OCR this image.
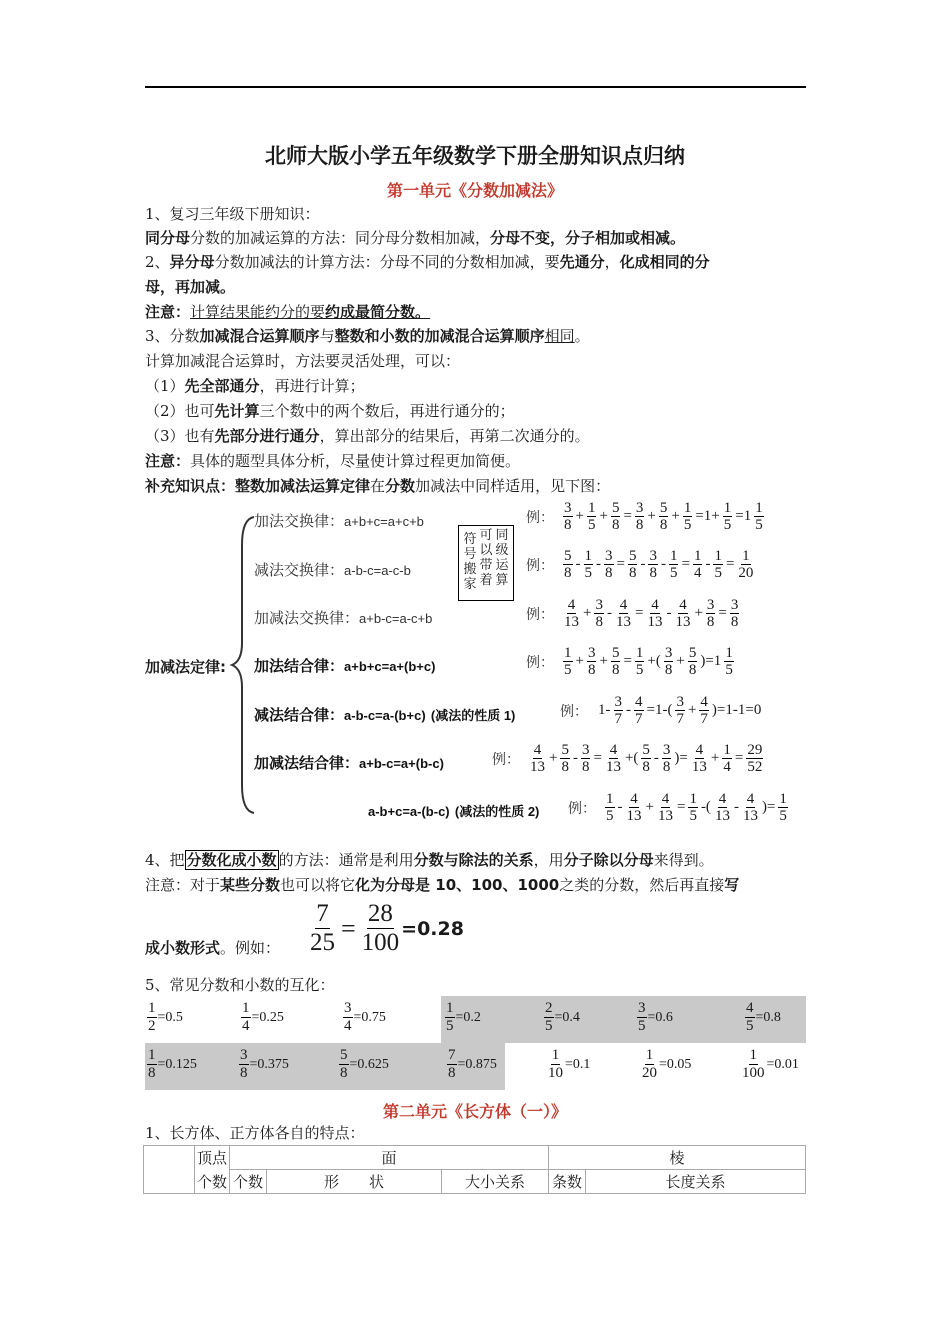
北师大版小学五年级数学下册全册知识点归纳
第一单元《分数加减法》
1、复习三年级下册知识：
同分母分数的加减运算的方法：同分母分数相加减，分母不变，分子相加或相减。
2、异分母分数加减法的计算方法：分母不同的分数相加减，要先通分，化成相同的分
母，再加减。
注意：计算结果能约分的要约成最简分数。
3、分数加减混合运算顺序与整数和小数的加减混合运算顺序相同。
计算加减混合运算时，方法要灵活处理，可以：
（1）先全部通分，再进行计算；
（2）也可先计算三个数中的两个数后，再进行通分的；
（3）也有先部分进行通分，算出部分的结果后，再第二次通分的。
注意：具体的题型具体分析，尽量使计算过程更加简便。
补充知识点：整数加减法运算定律在分数加减法中同样适用，见下图：
加减法定律:
符号搬家
可以带着
同级运算
加法交换律：a+b+c=a+c+b
减法交换律：a-b-c=a-c-b
加减法交换律：a+b-c=a-c+b
加法结合律：a+b+c=a+(b+c)
减法结合律：a-b-c=a-(b+c) (减法的性质 1)
加减法结合律：a+b-c=a+(b-c)
a-b+c=a-(b-c) (减法的性质 2)
例： $\frac{3}{8} + \frac{1}{5} + \frac{5}{8} = \frac{3}{8} + \frac{5}{8} + \frac{1}{5} =1+ \frac{1}{5} =1 \frac{1}{5}$
例： $\frac{5}{8} - \frac{1}{5} - \frac{3}{8} = \frac{5}{8} - \frac{3}{8} - \frac{1}{5} = \frac{1}{4} - \frac{1}{5} = \frac{1}{20}$
例： $\frac{4}{13} + \frac{3}{8} - \frac{4}{13} = \frac{4}{13} - \frac{4}{13} + \frac{3}{8} = \frac{3}{8}$
例： $\frac{1}{5} + \frac{3}{8} + \frac{5}{8} = \frac{1}{5}$ +( $\frac{3}{8} + \frac{5}{8} )=1 \frac{1}{5}$
例： $1- \frac{3}{7} - \frac{4}{7} =1-( \frac{3}{7} + \frac{4}{7} )=1-1=0$
例： $\frac{4}{13} + \frac{5}{8} - \frac{3}{8} = \frac{4}{13}$ +( $\frac{5}{8} - \frac{3}{8}$ )= $\frac{4}{13} + \frac{1}{4} = \frac{29}{52}$
例： $\frac{1}{5} - \frac{4}{13} + \frac{4}{13} = \frac{1}{5}$ -( $\frac{4}{13} - \frac{4}{13}$ )= $\frac{1}{5}$
4、把 分数化成小数 的方法：通常是利用分数与除法的关系，用分子除以分母来得到。
注意：对于某些分数也可以将它化为分母是 10、100、1000之类的分数，然后再直接写
$\frac{7}{25} = \frac{28}{100} =0.28$
成小数形式。例如：
5、常见分数和小数的互化：
$\frac{1}{2} =0.5$	$\frac{1}{4} =0.25$	$\frac{3}{4} =0.75$	$\frac{1}{5} =0.2$	$\frac{2}{5} =0.4$	$\frac{3}{5} =0.6$	$\frac{4}{5} =0.8$
$\frac{1}{8} =0.125$	$\frac{3}{8} =0.375$	$\frac{5}{8} =0.625$	$\frac{7}{8} =0.875$	$\frac{1}{10} =0.1$	$\frac{1}{20} =0.05$	$\frac{1}{100} =0.01$
第二单元《长方体（一）》
1、长方体、正方体各自的特点：
	顶点	面			棱	
	个数	个数	形　　状	大小关系	条数	长度关系
